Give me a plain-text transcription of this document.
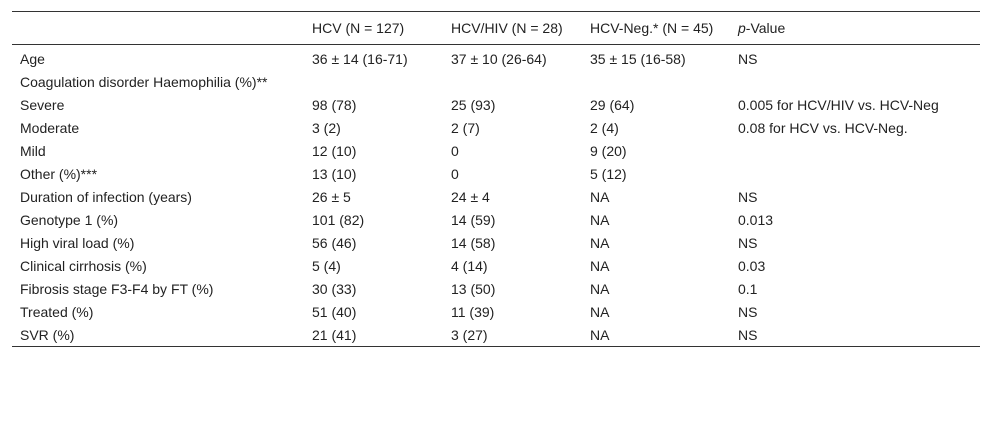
	HCV (N = 127)	HCV/HIV (N = 28)	HCV-Neg.* (N = 45)	p-Value
Age	36 ± 14 (16-71)	37 ± 10 (26-64)	35 ± 15 (16-58)	NS
Coagulation disorder Haemophilia (%)**				
Severe	98 (78)	25 (93)	29 (64)	0.005 for HCV/HIV vs. HCV-Neg
Moderate	3 (2)	2 (7)	2 (4)	0.08 for HCV vs. HCV-Neg.
Mild	12 (10)	0	9 (20)	
Other (%)***	13 (10)	0	5 (12)	
Duration of infection (years)	26 ± 5	24 ± 4	NA	NS
Genotype 1 (%)	101 (82)	14 (59)	NA	0.013
High viral load (%)	56 (46)	14 (58)	NA	NS
Clinical cirrhosis (%)	5 (4)	4 (14)	NA	0.03
Fibrosis stage F3-F4 by FT (%)	30 (33)	13 (50)	NA	0.1
Treated (%)	51 (40)	11 (39)	NA	NS
SVR (%)	21 (41)	3 (27)	NA	NS
